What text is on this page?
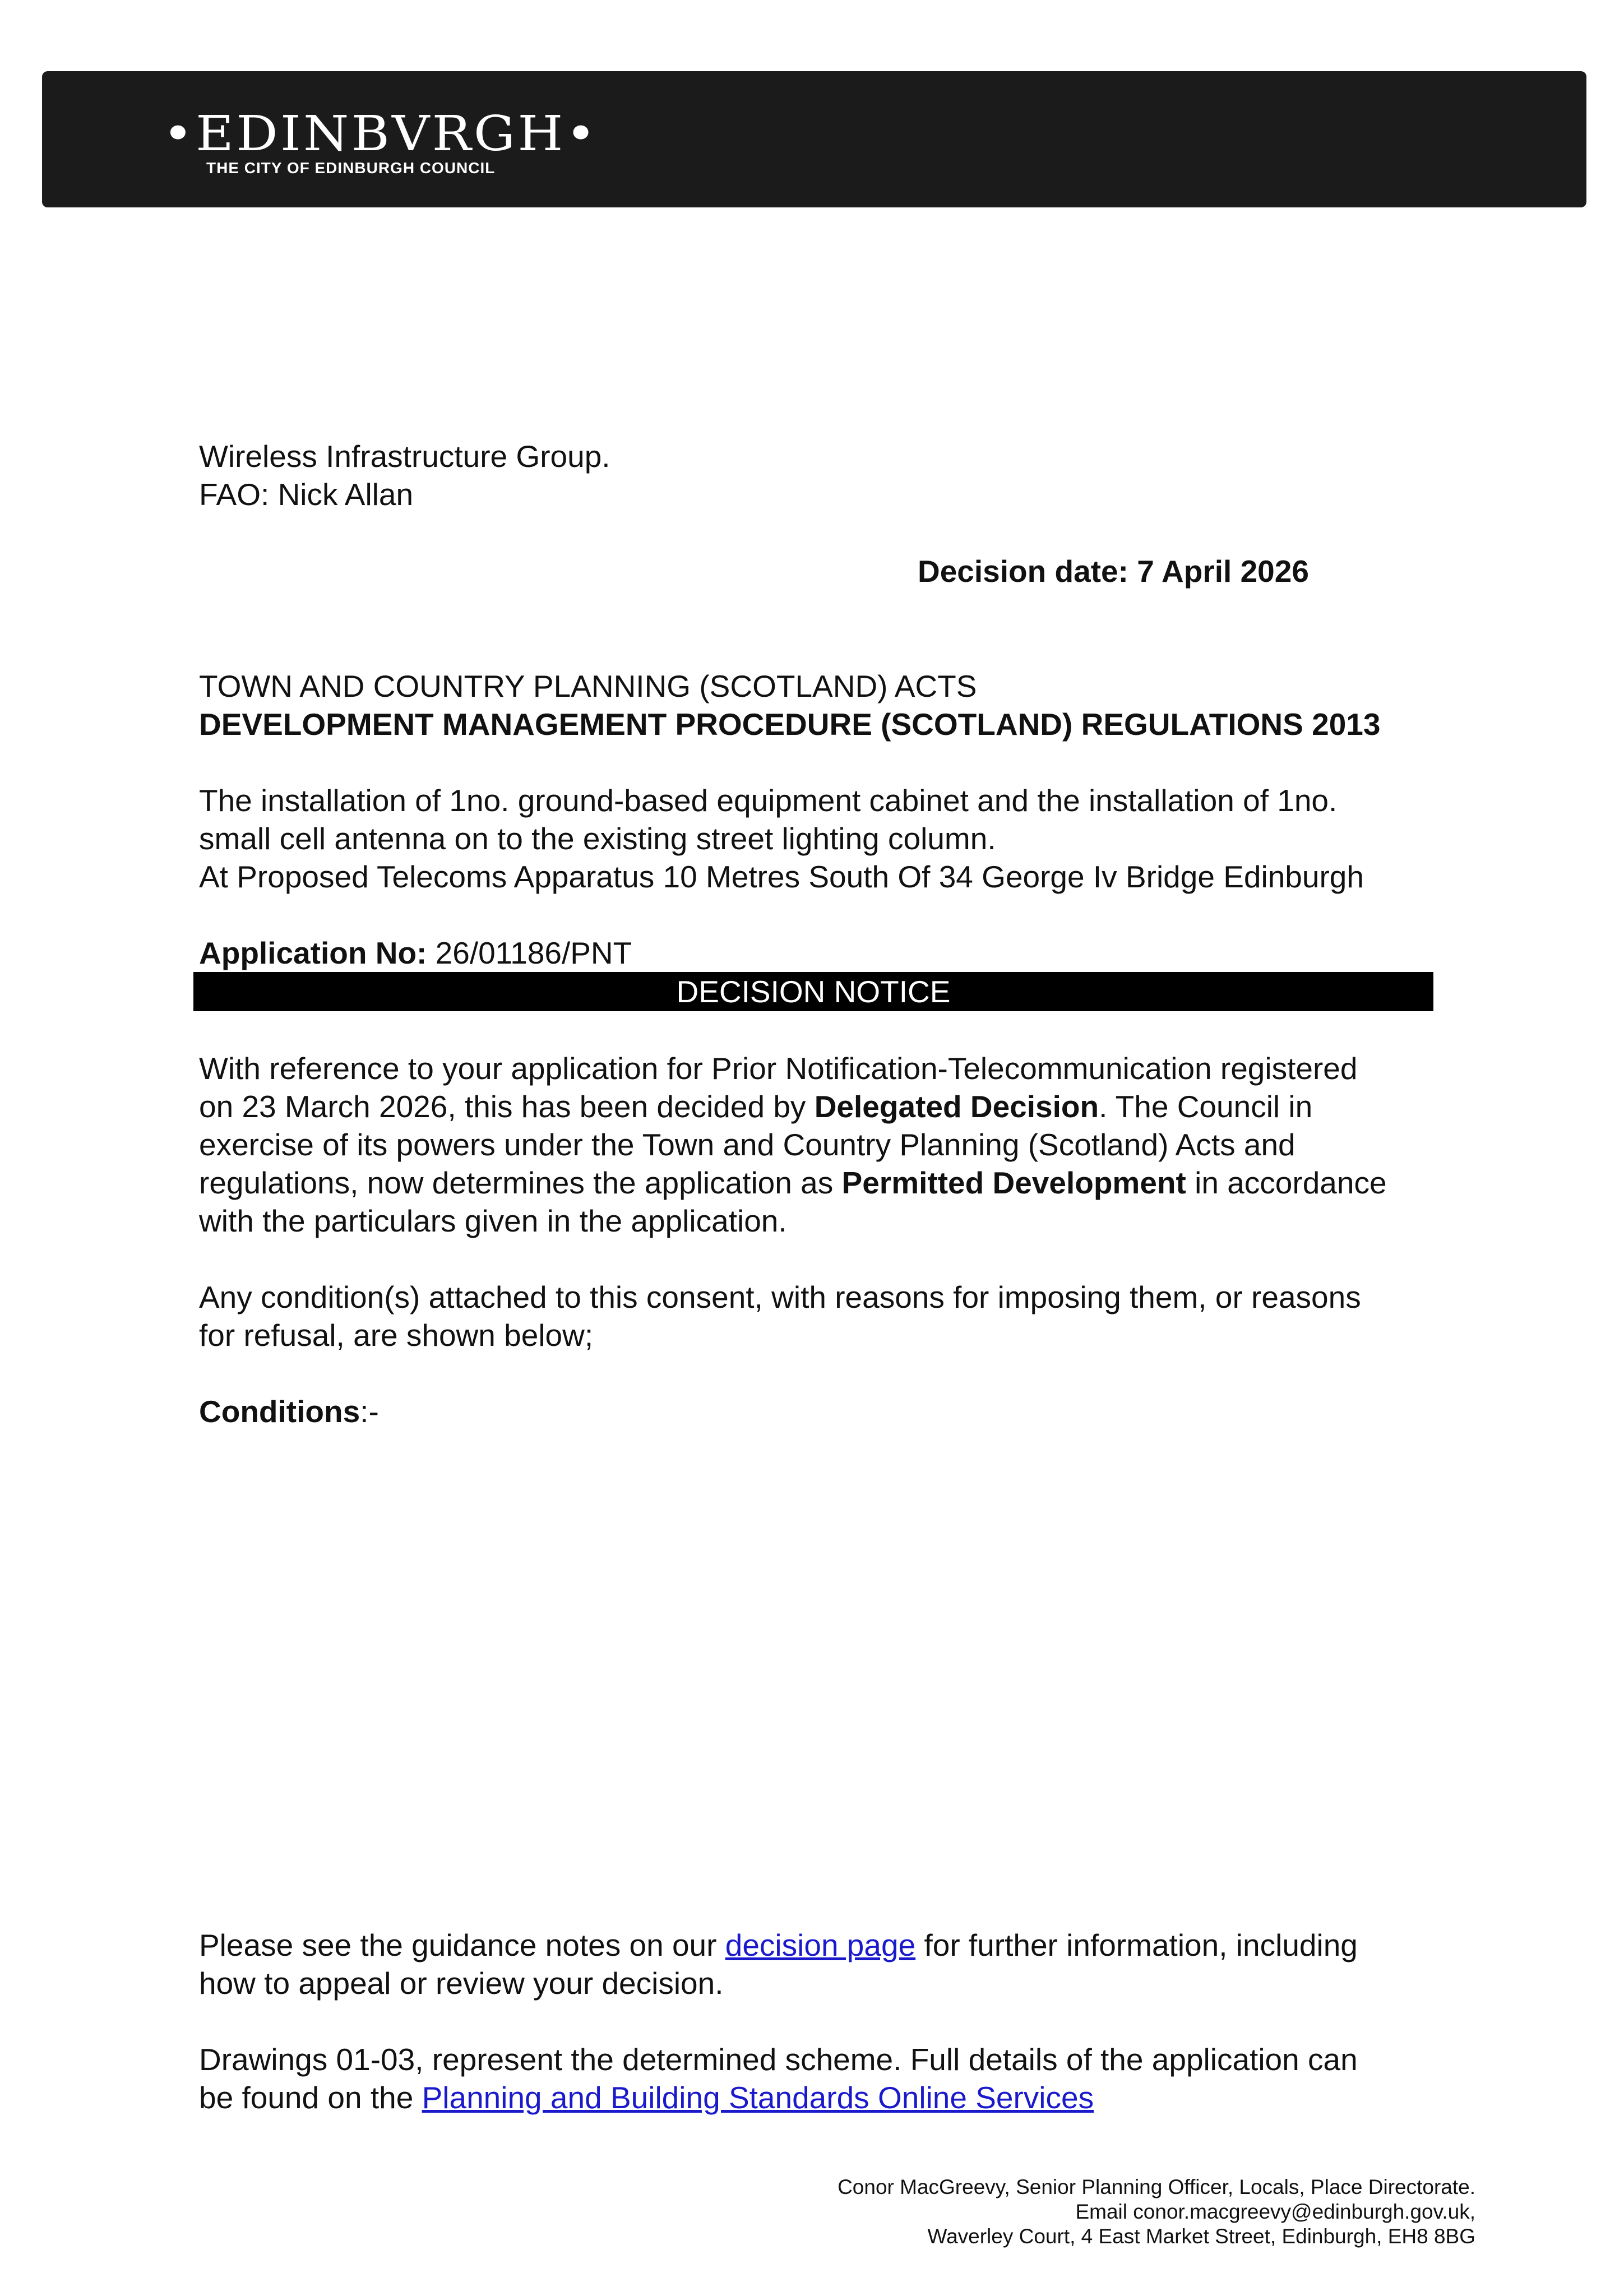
•EDINBVRGH•
THE CITY OF EDINBURGH COUNCIL
Wireless Infrastructure Group.
FAO: Nick Allan
Decision date: 7 April 2026
TOWN AND COUNTRY PLANNING (SCOTLAND) ACTS
DEVELOPMENT MANAGEMENT PROCEDURE (SCOTLAND) REGULATIONS 2013
The installation of 1no. ground-based equipment cabinet and the installation of 1no.
small cell antenna on to the existing street lighting column.
At Proposed Telecoms Apparatus 10 Metres South Of 34 George Iv Bridge Edinburgh
Application No: 26/01186/PNT
DECISION NOTICE
With reference to your application for Prior Notification-Telecommunication registered
on 23 March 2026, this has been decided by Delegated Decision. The Council in
exercise of its powers under the Town and Country Planning (Scotland) Acts and
regulations, now determines the application as Permitted Development in accordance
with the particulars given in the application.
Any condition(s) attached to this consent, with reasons for imposing them, or reasons
for refusal, are shown below;
Conditions:-
Please see the guidance notes on our decision page for further information, including
how to appeal or review your decision.
Drawings 01-03, represent the determined scheme. Full details of the application can
be found on the Planning and Building Standards Online Services
Conor MacGreevy, Senior Planning Officer, Locals, Place Directorate.
Email conor.macgreevy@edinburgh.gov.uk,
Waverley Court, 4 East Market Street, Edinburgh, EH8 8BG
